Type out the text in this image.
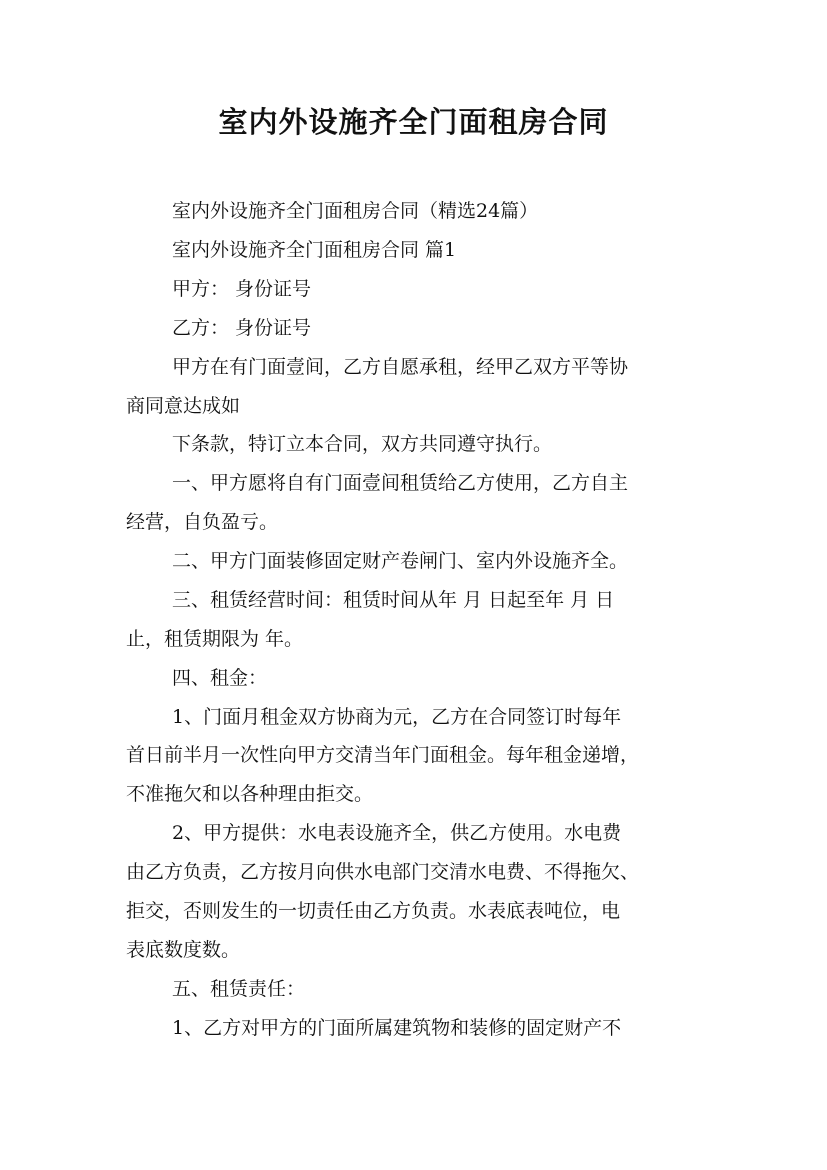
室内外设施齐全门面租房合同

室内外设施齐全门面租房合同（精选24篇）

室内外设施齐全门面租房合同 篇1

甲方： 身份证号

乙方： 身份证号

甲方在有门面壹间，乙方自愿承租，经甲乙双方平等协

商同意达成如

下条款，特订立本合同，双方共同遵守执行。

一、甲方愿将自有门面壹间租赁给乙方使用，乙方自主

经营，自负盈亏。

二、甲方门面装修固定财产卷闸门、室内外设施齐全。

三、租赁经营时间：租赁时间从年 月 日起至年 月 日

止，租赁期限为 年。

四、租金：

1、门面月租金双方协商为元，乙方在合同签订时每年

首日前半月一次性向甲方交清当年门面租金。每年租金递增，

不准拖欠和以各种理由拒交。

2、甲方提供：水电表设施齐全，供乙方使用。水电费

由乙方负责，乙方按月向供水电部门交清水电费、不得拖欠、

拒交，否则发生的一切责任由乙方负责。水表底表吨位，电

表底数度数。

五、租赁责任：

1、乙方对甲方的门面所属建筑物和装修的固定财产不
